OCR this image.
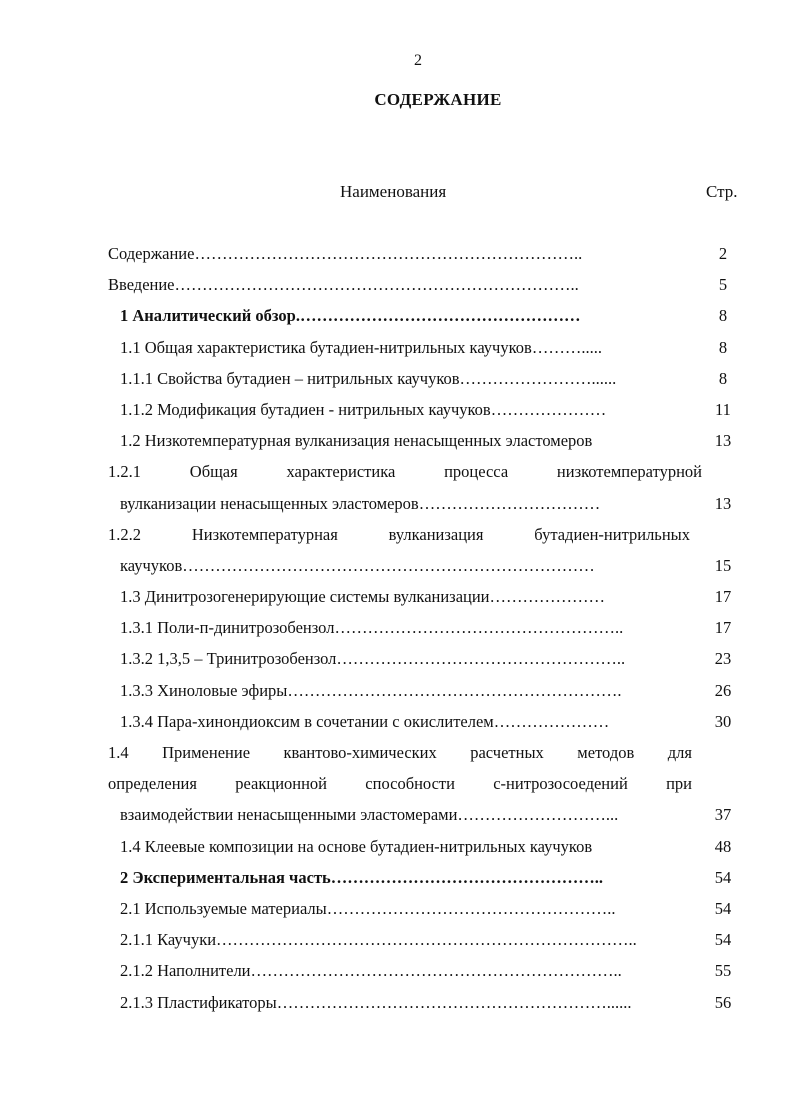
2
СОДЕРЖАНИЕ
Наименования	Стр.
Содержание……………………………………………………………..	2
Введение………………………………………………………………..	5
1 Аналитический обзор.……………………………………………	8
1.1 Общая характеристика бутадиен-нитрильных каучуков……….....	8
1.1.1 Свойства бутадиен – нитрильных каучуков……………………......	8
1.1.2 Модификация бутадиен - нитрильных каучуков…………………	11
1.2 Низкотемпературная вулканизация ненасыщенных эластомеров	13
1.2.1 Общая характеристика процесса низкотемпературной
вулканизации ненасыщенных эластомеров……………………………	13
1.2.2 Низкотемпературная вулканизация бутадиен-нитрильных
каучуков…………………………………………………………………	15
1.3 Динитрозогенерирующие системы вулканизации…………………	17
1.3.1 Поли-п-динитрозобензол……………………………………………..	17
1.3.2 1,3,5 – Тринитрозобензол……………………………………………..	23
1.3.3 Хиноловые эфиры…………………………………………………….	26
1.3.4 Пара-хинондиоксим в сочетании с окислителем…………………	30
1.4 Применение квантово-химических расчетных методов для
определения реакционной способности с-нитрозосоедений при
взаимодействии ненасыщенными эластомерами………………………...	37
1.4 Клеевые композиции на основе бутадиен-нитрильных каучуков	48
2 Экспериментальная часть…………………………………………..	54
2.1 Используемые материалы……………………………………………..	54
2.1.1 Каучуки…………………………………………………………………..	54
2.1.2 Наполнители…………………………………………………………..	55
2.1.3 Пластификаторы……………………………………………………......	56
